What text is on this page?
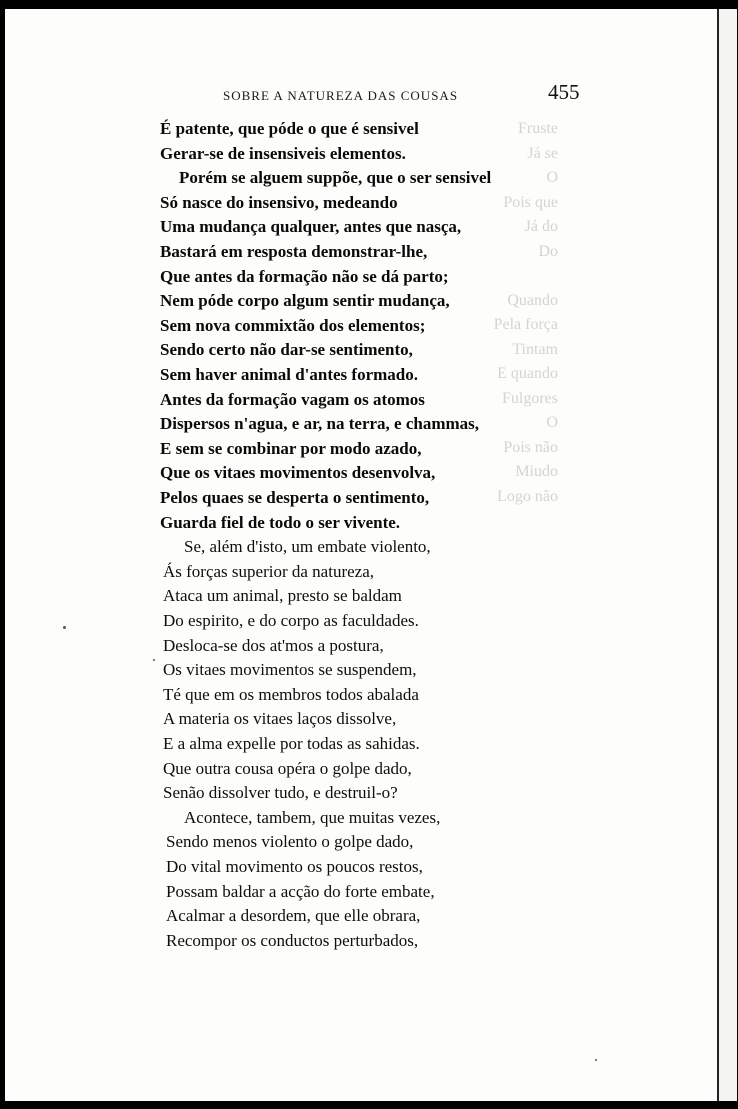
SOBRE A NATUREZA DAS COUSAS	455
Fruste
Já se
O
Pois que
Já do
Do
Quando
Pela força
Tintam
E quando
Fulgores
O
Pois não
Miudo
Logo não
É patente, que póde o que é sensivel
Gerar-se de insensiveis elementos.
Porém se alguem suppõe, que o ser sensivel
Só nasce do insensivo, medeando
Uma mudança qualquer, antes que nasça,
Bastará em resposta demonstrar-lhe,
Que antes da formação não se dá parto;
Nem póde corpo algum sentir mudança,
Sem nova commixtão dos elementos;
Sendo certo não dar-se sentimento,
Sem haver animal d'antes formado.
Antes da formação vagam os atomos
Dispersos n'agua, e ar, na terra, e chammas,
E sem se combinar por modo azado,
Que os vitaes movimentos desenvolva,
Pelos quaes se desperta o sentimento,
Guarda fiel de todo o ser vivente.
Se, além d'isto, um embate violento,
Ás forças superior da natureza,
Ataca um animal, presto se baldam
Do espirito, e do corpo as faculdades.
Desloca-se dos at'mos a postura,
Os vitaes movimentos se suspendem,
Té que em os membros todos abalada
A materia os vitaes laços dissolve,
E a alma expelle por todas as sahidas.
Que outra cousa opéra o golpe dado,
Senão dissolver tudo, e destruil-o?
Acontece, tambem, que muitas vezes,
Sendo menos violento o golpe dado,
Do vital movimento os poucos restos,
Possam baldar a acção do forte embate,
Acalmar a desordem, que elle obrara,
Recompor os conductos perturbados,
